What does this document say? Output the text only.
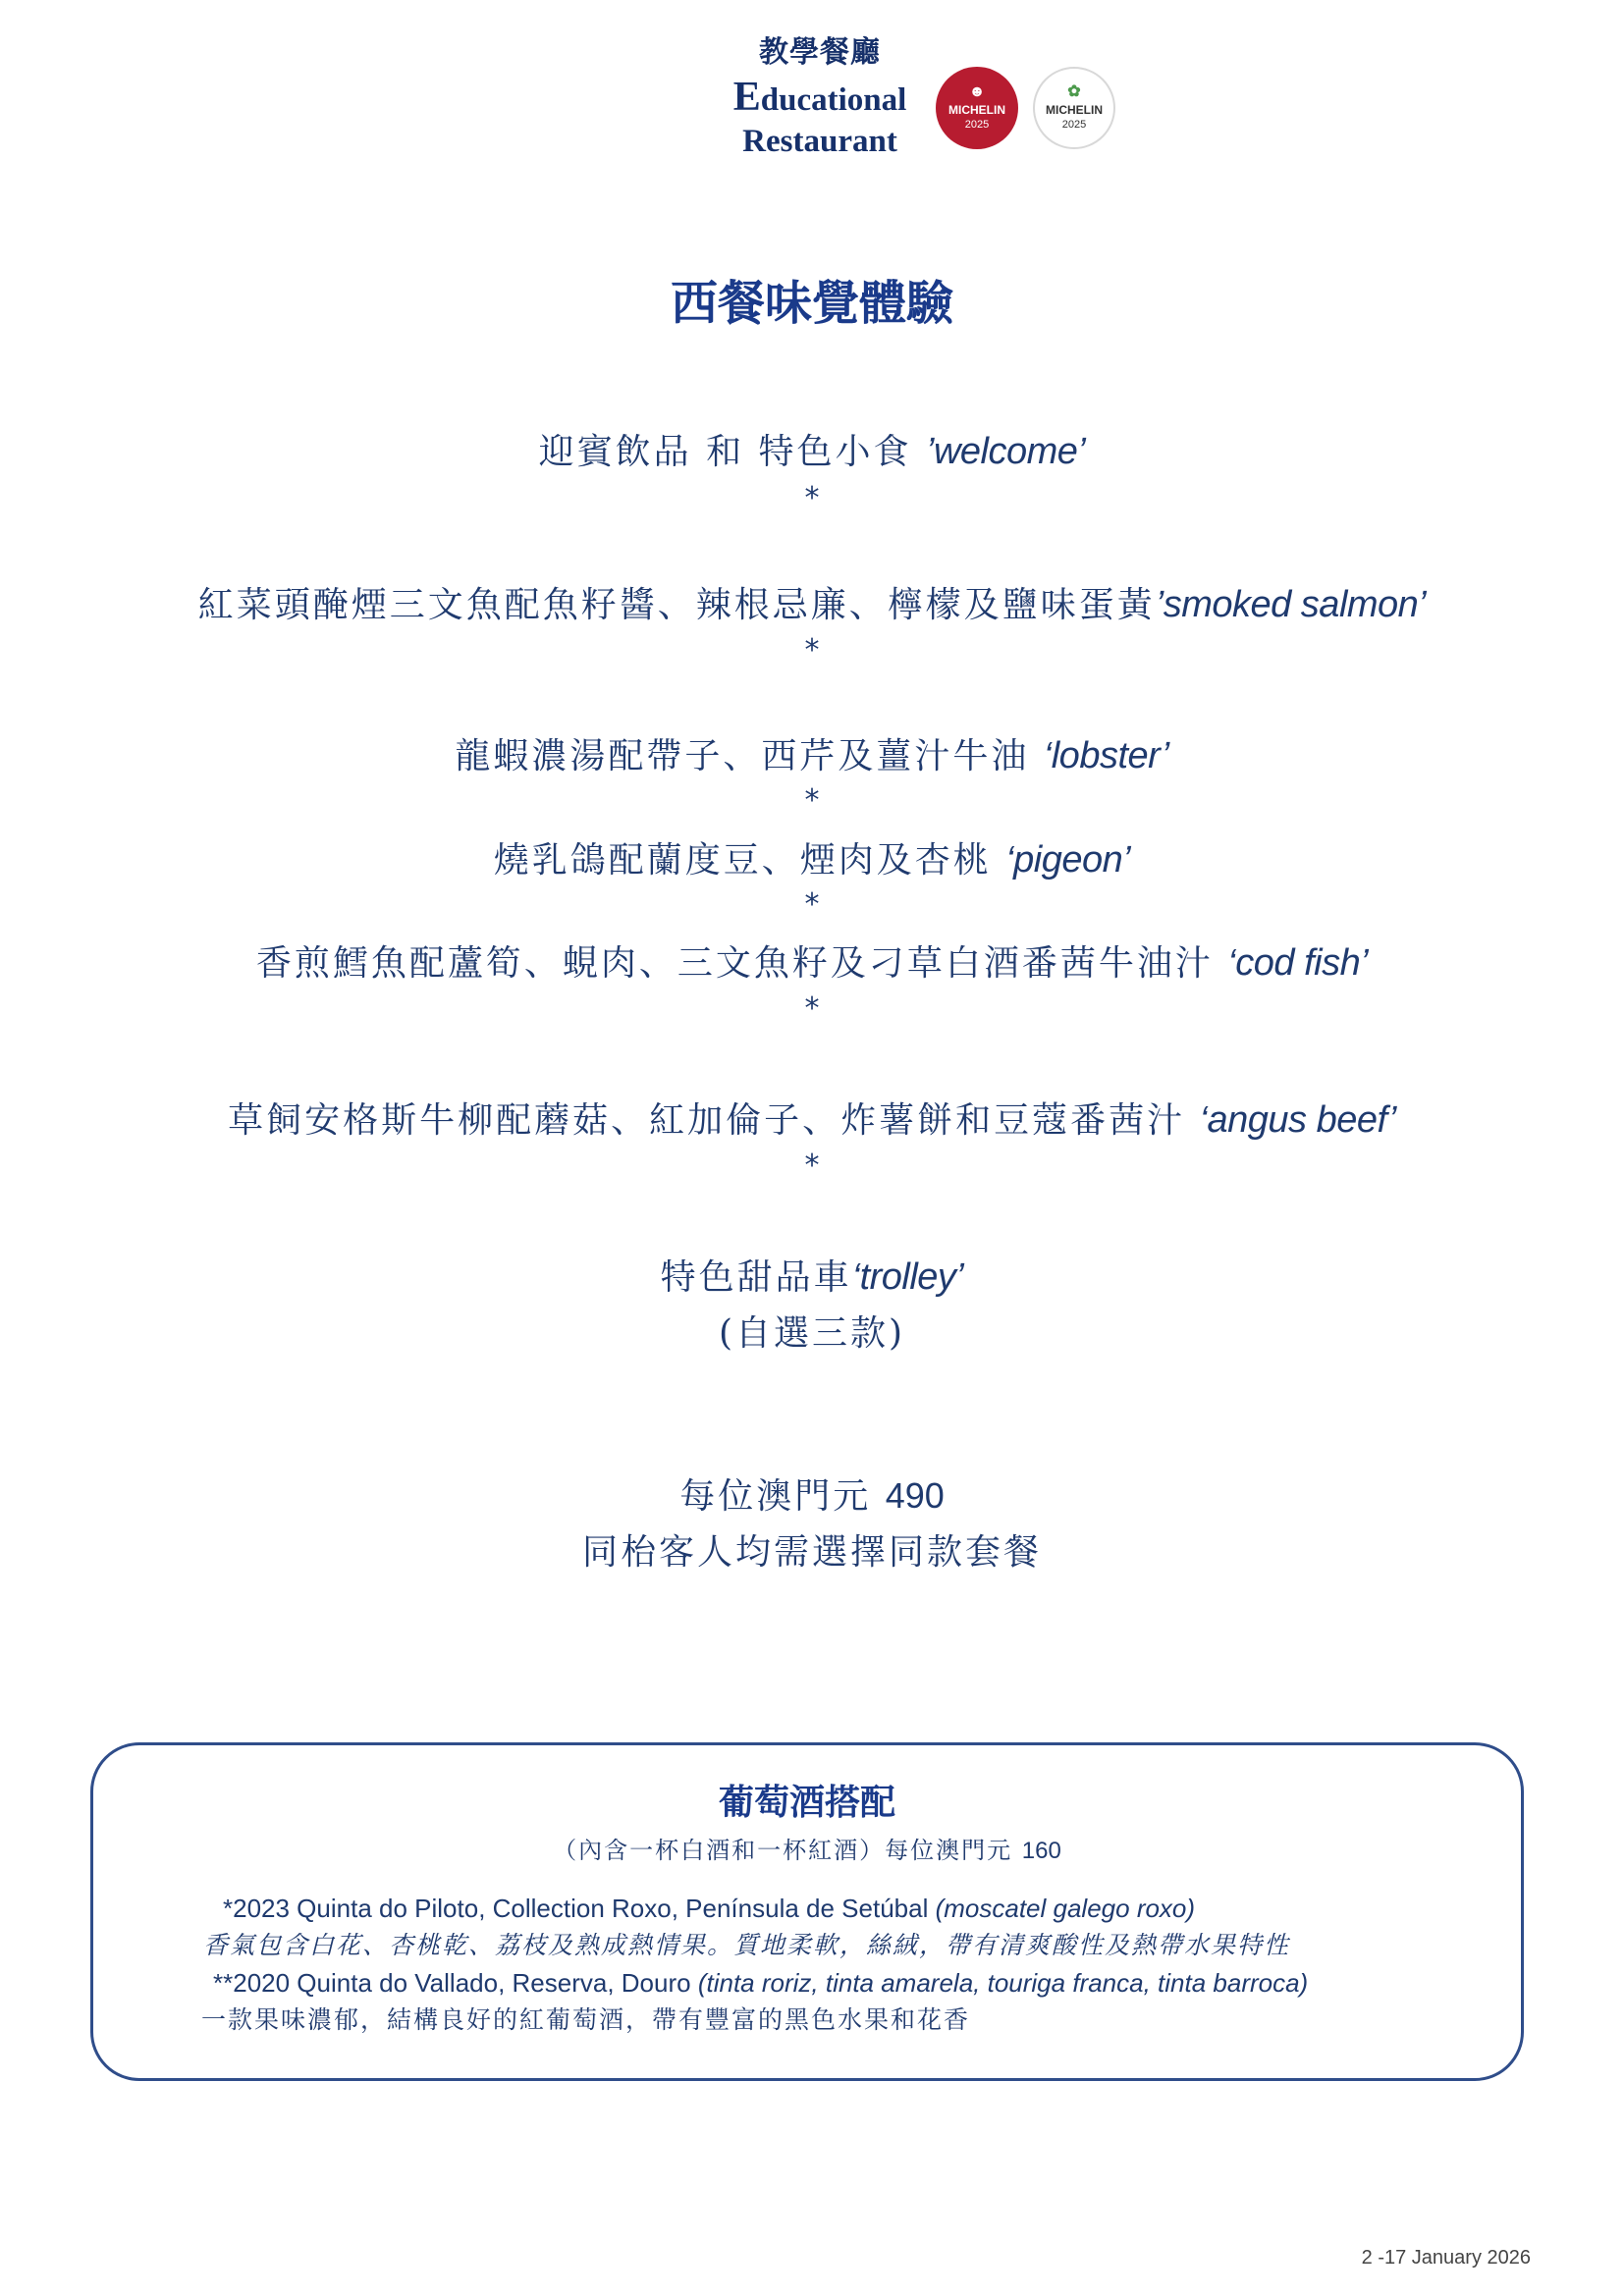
教學餐廳
Educational
Restaurant
☻
MICHELIN
2025
✿
MICHELIN
2025
西餐味覺體驗
迎賓飲品 和 特色小食 ’welcome’
*
紅菜頭醃煙三文魚配魚籽醬、辣根忌廉、檸檬及鹽味蛋黃’smoked salmon’
*
龍蝦濃湯配帶子、西芹及薑汁牛油 ‘lobster’
*
燒乳鴿配蘭度豆、煙肉及杏桃 ‘pigeon’
*
香煎鱈魚配蘆筍、蜆肉、三文魚籽及刁草白酒番茜牛油汁 ‘cod fish’
*
草飼安格斯牛柳配蘑菇、紅加倫子、炸薯餅和豆蔻番茜汁 ‘angus beef’
*
特色甜品車‘trolley’
(自選三款)
每位澳門元 490
同枱客人均需選擇同款套餐
葡萄酒搭配
（內含一杯白酒和一杯紅酒）每位澳門元 160
*2023 Quinta do Piloto, Collection Roxo, Península de Setúbal (moscatel galego roxo)
香氣包含白花、杏桃乾、荔枝及熟成熱情果。質地柔軟，絲絨，帶有清爽酸性及熱帶水果特性
**2020 Quinta do Vallado, Reserva, Douro (tinta roriz, tinta amarela, touriga franca, tinta barroca)
一款果味濃郁，結構良好的紅葡萄酒，帶有豐富的黑色水果和花香
2 -17 January 2026
